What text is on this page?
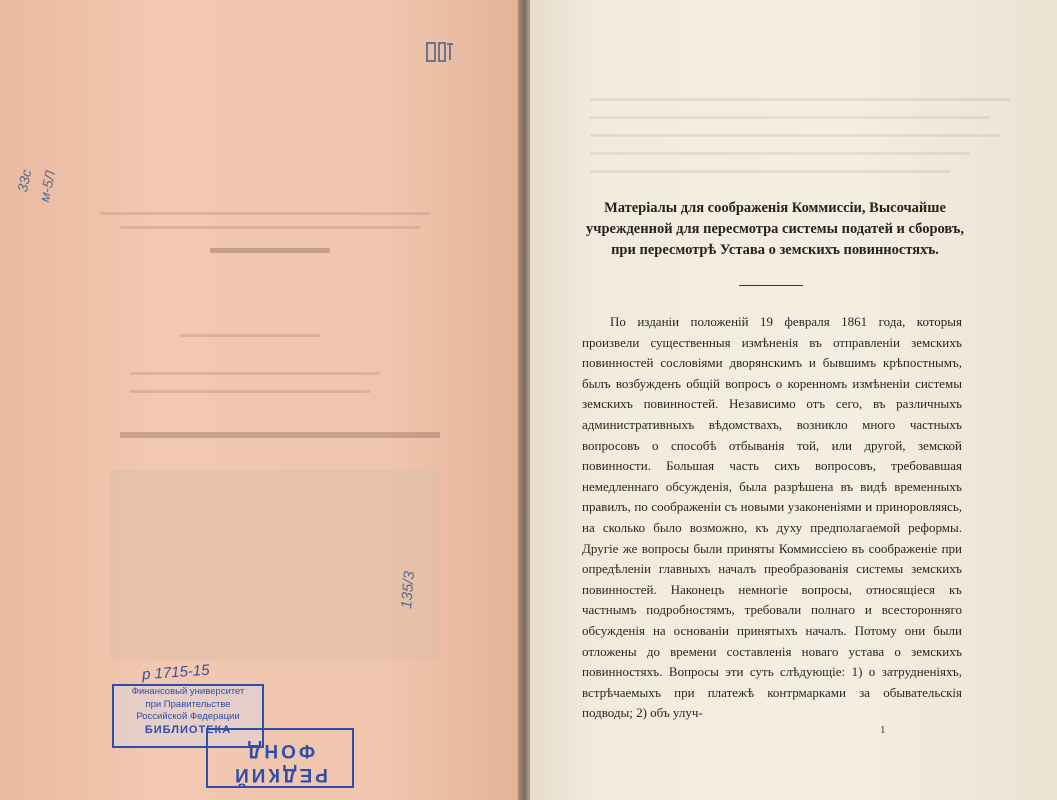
33с м-5Л
135/3
р 1715-15
Финансовый университет
при Правительстве
Российской Федерации
БИБЛИОТЕКА
РЕДКИЙ
ФОНД
Матеріалы для соображенія Коммиссіи, Высочайше учрежденной для пересмотра системы податей и сборовъ, при пересмотрѣ Устава о земскихъ повинностяхъ.

По изданіи положеній 19 февраля 1861 года, которыя произвели существенныя измѣненія въ отправленіи земскихъ повинностей сословіями дворянскимъ и бывшимъ крѣпостнымъ, былъ возбужденъ общій вопросъ о коренномъ измѣненіи системы земскихъ повинностей. Независимо отъ сего, въ различныхъ административныхъ вѣдомствахъ, возникло много частныхъ вопросовъ о способѣ отбыванія той, или другой, земской повинности. Большая часть сихъ вопросовъ, требовавшая немедленнаго обсужденія, была разрѣшена въ видѣ временныхъ правилъ, по соображеніи съ новыми узаконеніями и приноровляясь, на сколько было возможно, къ духу предполагаемой реформы. Другіе же вопросы были приняты Коммиссіею въ соображеніе при опредѣленіи главныхъ началъ преобразованія системы земскихъ повинностей. Наконецъ немногіе вопросы, относящіеся къ частнымъ подробностямъ, требовали полнаго и всесторонняго обсужденія на основаніи принятыхъ началъ. Потому они были отложены до времени составленія новаго устава о земскихъ повинностяхъ. Вопросы эти суть слѣдующіе: 1) о затрудненіяхъ, встрѣчаемыхъ при платежѣ контрмарками за обывательскія подводы; 2) объ улуч-

1
